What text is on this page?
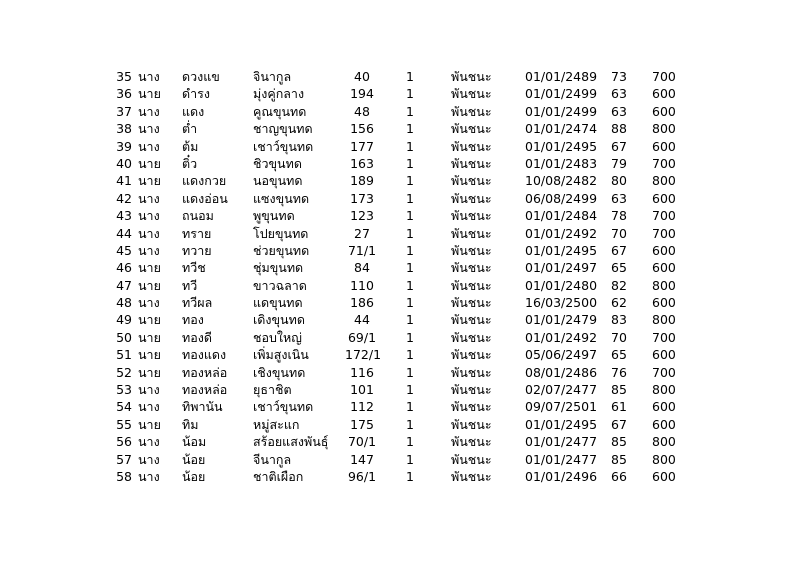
35 นาง ดวงแข	จินากูล	40	1	พันชนะ	01/01/2489 73 700
36 นาย ดำรง	มุ่งคู่กลาง	194	1	พันชนะ	01/01/2499 63 600
37 นาง แดง	คูณขุนทด	48	1	พันชนะ	01/01/2499 63 600
38 นาง ต่ำ	ชาญขุนทด	156	1	พันชนะ	01/01/2474 88 800
39 นาง ต้ม	เชาว์ขุนทด	177	1	พันชนะ	01/01/2495 67 600
40 นาย ติ๋ว	ชิวขุนทด	163	1	พันชนะ	01/01/2483 79 700
41 นาย แดงกวย นอขุนทด	189	1	พันชนะ	10/08/2482 80 800
42 นาง แดงอ่อน แซงขุนทด	173	1	พันชนะ	06/08/2499 63 600
43 นาง ถนอม	พูขุนทด	123	1	พันชนะ	01/01/2484 78 700
44 นาง ทราย	โปยขุนทด	27	1	พันชนะ	01/01/2492 70 700
45 นาง ทวาย	ช่วยขุนทด	71/1 1	พันชนะ	01/01/2495 67 600
46 นาย ทวีช	ชุ่มขุนทด	84	1	พันชนะ	01/01/2497 65 600
47 นาย ทวี	ขาวฉลาด	110	1	พันชนะ	01/01/2480 82 800
48 นาง ทวีผล	แดขุนทด	186	1	พันชนะ	16/03/2500 62 600
49 นาย ทอง	เดิงขุนทด	44	1	พันชนะ	01/01/2479 83 800
50 นาย ทองดี	ชอบใหญ่	69/1 1	พันชนะ	01/01/2492 70 700
51 นาย ทองแดง เพิ่มสูงเนิน	172/1 1	พันชนะ	05/06/2497 65 600
52 นาย ทองหล่อ เชิงขุนทด	116	1	พันชนะ	08/01/2486 76 700
53 นาง ทองหล่อ ยุธาชิต	101	1	พันชนะ	02/07/2477 85 800
54 นาง ทิพานัน เชาว์ขุนทด	112	1	พันชนะ	09/07/2501 61 600
55 นาย ทิม	หมู่สะแก	175	1	พันชนะ	01/01/2495 67 600
56 นาง น้อม	สร้อยแสงพันธุ์ 70/1 1	พันชนะ	01/01/2477 85 800
57 นาง น้อย	จีนากูล	147	1	พันชนะ	01/01/2477 85 800
58 นาง น้อย	ชาติเผือก	96/1 1	พันชนะ	01/01/2496 66 600
